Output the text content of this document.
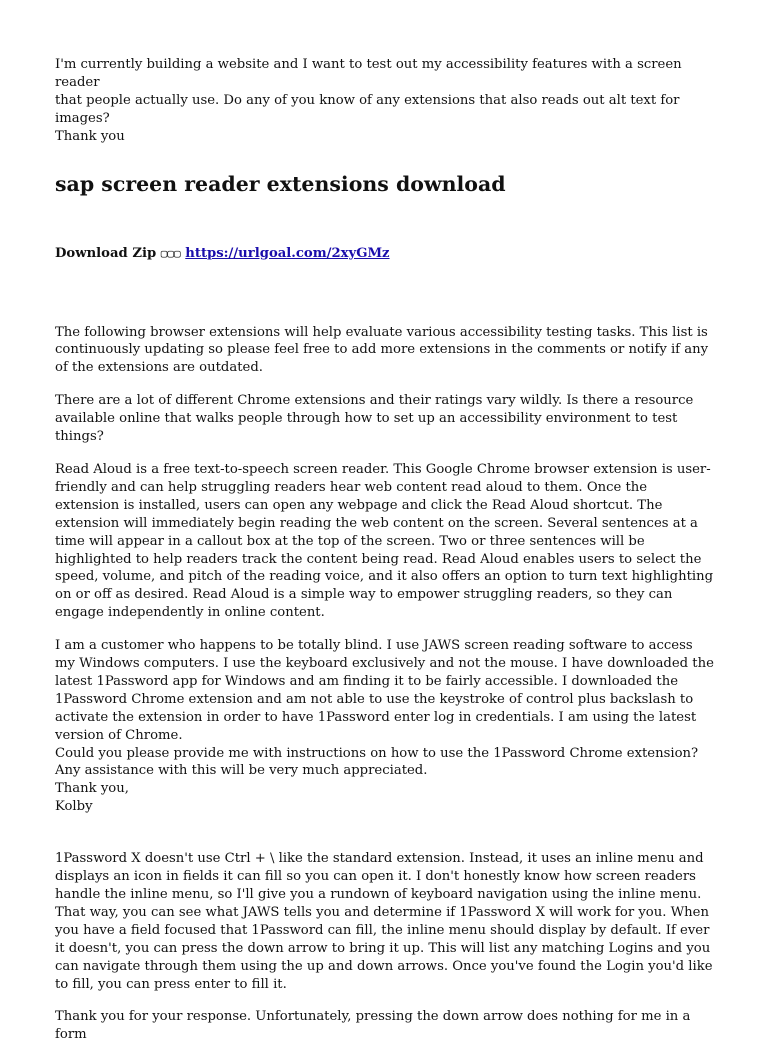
I'm currently building a website and I want to test out my accessibility features with a screen reader
that people actually use. Do any of you know of any extensions that also reads out alt text for
images?
Thank you

sap screen reader extensions download
Download Zip ▢▢▢ https://urlgoal.com/2xyGMz

The following browser extensions will help evaluate various accessibility testing tasks. This list is continuously updating so please feel free to add more extensions in the comments or notify if any of the extensions are outdated.

There are a lot of different Chrome extensions and their ratings vary wildly. Is there a resource available online that walks people through how to set up an accessibility environment to test things?

Read Aloud is a free text-to-speech screen reader. This Google Chrome browser extension is user-friendly and can help struggling readers hear web content read aloud to them. Once the extension is installed, users can open any webpage and click the Read Aloud shortcut. The extension will immediately begin reading the web content on the screen. Several sentences at a time will appear in a callout box at the top of the screen. Two or three sentences will be highlighted to help readers track the content being read. Read Aloud enables users to select the speed, volume, and pitch of the reading voice, and it also offers an option to turn text highlighting on or off as desired. Read Aloud is a simple way to empower struggling readers, so they can engage independently in online content.

I am a customer who happens to be totally blind. I use JAWS screen reading software to access my Windows computers. I use the keyboard exclusively and not the mouse. I have downloaded the latest 1Password app for Windows and am finding it to be fairly accessible. I downloaded the 1Password Chrome extension and am not able to use the keystroke of control plus backslash to activate the extension in order to have 1Password enter log in credentials. I am using the latest version of Chrome.

Could you please provide me with instructions on how to use the 1Password Chrome extension? Any assistance with this will be very much appreciated.

Thank you,

Kolby

1Password X doesn't use Ctrl + \ like the standard extension. Instead, it uses an inline menu and displays an icon in fields it can fill so you can open it. I don't honestly know how screen readers handle the inline menu, so I'll give you a rundown of keyboard navigation using the inline menu. That way, you can see what JAWS tells you and determine if 1Password X will work for you. When you have a field focused that 1Password can fill, the inline menu should display by default. If ever it doesn't, you can press the down arrow to bring it up. This will list any matching Logins and you can navigate through them using the up and down arrows. Once you've found the Login you'd like to fill, you can press enter to fill it.

Thank you for your response. Unfortunately, pressing the down arrow does nothing for me in a form
